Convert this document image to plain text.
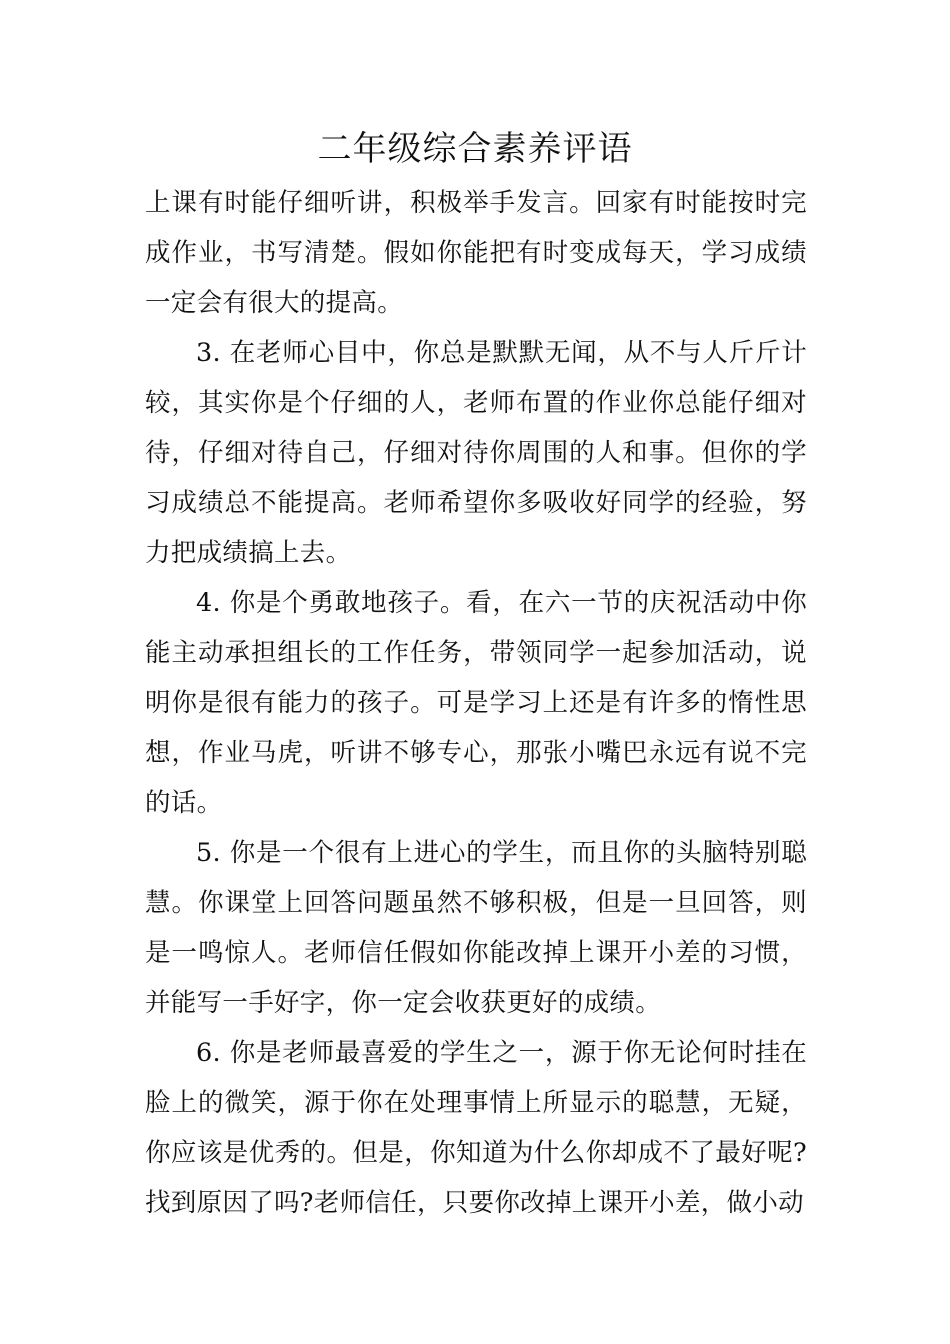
二年级综合素养评语

上课有时能仔细听讲，积极举手发言。回家有时能按时完成作业，书写清楚。假如你能把有时变成每天，学习成绩一定会有很大的提高。

3. 在老师心目中，你总是默默无闻，从不与人斤斤计较，其实你是个仔细的人，老师布置的作业你总能仔细对待，仔细对待自己，仔细对待你周围的人和事。但你的学习成绩总不能提高。老师希望你多吸收好同学的经验，努力把成绩搞上去。

4. 你是个勇敢地孩子。看，在六一节的庆祝活动中你能主动承担组长的工作任务，带领同学一起参加活动，说明你是很有能力的孩子。可是学习上还是有许多的惰性思想，作业马虎，听讲不够专心，那张小嘴巴永远有说不完的话。

5. 你是一个很有上进心的学生，而且你的头脑特别聪慧。你课堂上回答问题虽然不够积极，但是一旦回答，则是一鸣惊人。老师信任假如你能改掉上课开小差的习惯，并能写一手好字，你一定会收获更好的成绩。

6. 你是老师最喜爱的学生之一，源于你无论何时挂在脸上的微笑，源于你在处理事情上所显示的聪慧，无疑，你应该是优秀的。但是，你知道为什么你却成不了最好呢?找到原因了吗?老师信任，只要你改掉上课开小差，做小动
